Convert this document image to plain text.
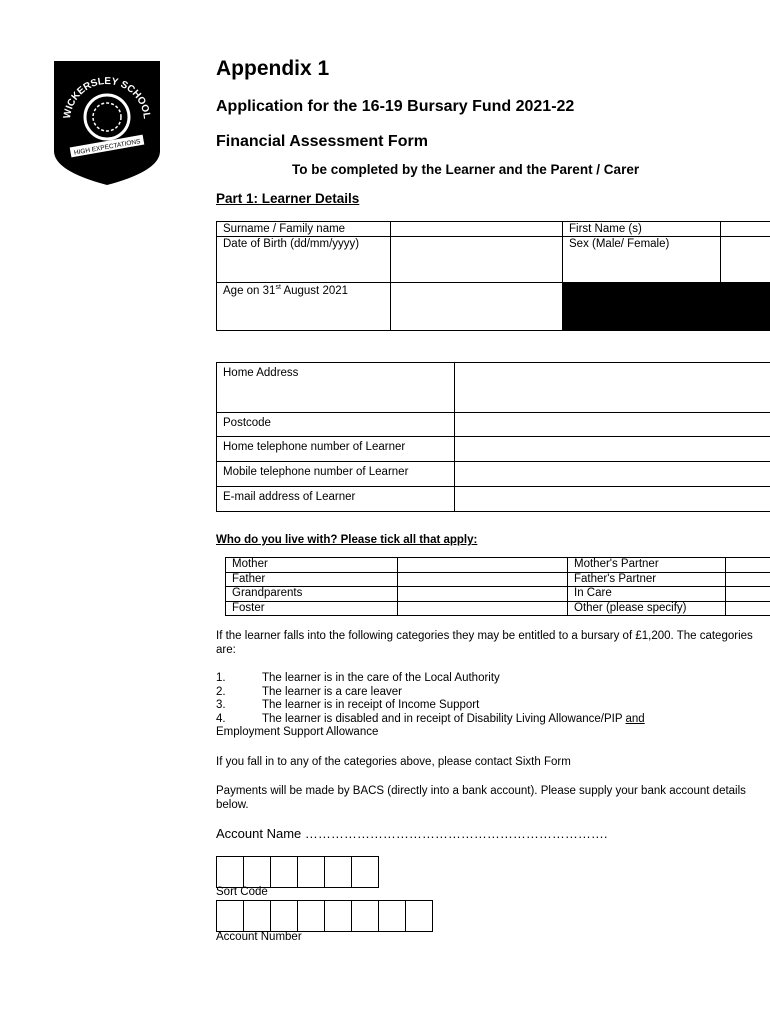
WICKERSLEY SCHOOL
HIGH EXPECTATIONS
Appendix 1
Application for the 16-19 Bursary Fund 2021-22
Financial Assessment Form
To be completed by the Learner and the Parent / Carer
Part 1: Learner Details
Surname / Family name		First Name (s)	
Date of Birth (dd/mm/yyyy)		Sex (Male/ Female)	
Age on 31st August 2021			
Home Address	
Postcode	
Home telephone number of Learner	
Mobile telephone number of Learner	
E-mail address of Learner	
Who do you live with? Please tick all that apply:
Mother		Mother's Partner	
Father		Father's Partner	
Grandparents		In Care	
Foster		Other (please specify)	
If the learner falls into the following categories they may be entitled to a bursary of £1,200. The categories are:
1.	The learner is in the care of the Local Authority
2.	The learner is a care leaver
3.	The learner is in receipt of Income Support
4.	The learner is disabled and in receipt of Disability Living Allowance/PIP and
Employment Support Allowance
If you fall in to any of the categories above, please contact Sixth Form
Payments will be made by BACS (directly into a bank account). Please supply your bank account details below.
Account Name …………………………………………………………….
Sort Code
Account Number
